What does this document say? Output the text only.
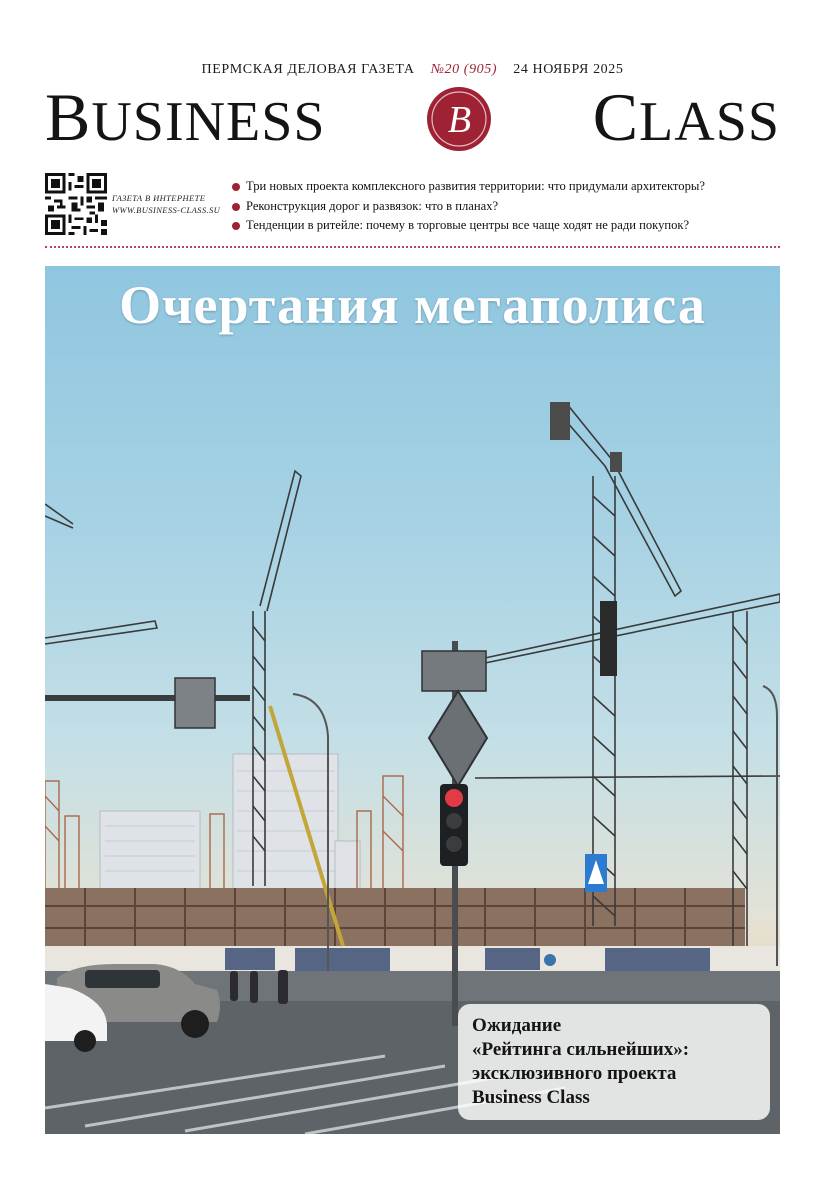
ПЕРМСКАЯ ДЕЛОВАЯ ГАЗЕТА №20 (905) 24 НОЯБРЯ 2025
BUSINESS	B CLASS
ГАЗЕТА В ИНТЕРНЕТЕ
WWW.BUSINESS-CLASS.SU
Три новых проекта комплексного развития территории: что придумали архитекторы?
Реконструкция дорог и развязок: что в планах?
Тенденции в ритейле: почему в торговые центры все чаще ходят не ради покупок?
Очертания мегаполиса
Ожидание
«Рейтинга сильнейших»:
эксклюзивного проекта
Business Class
